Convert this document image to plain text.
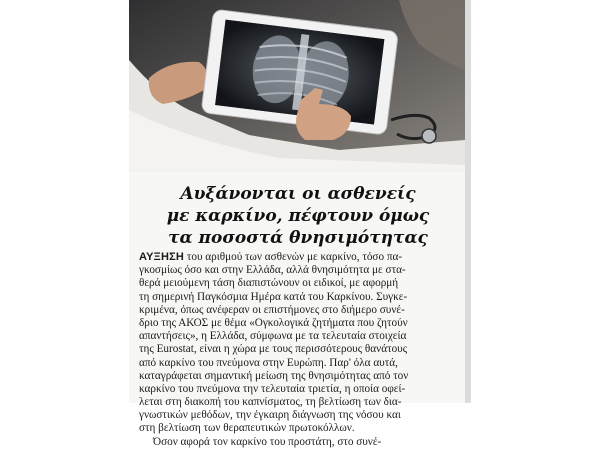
Αυξάνονται οι ασθενείς
με καρκίνο, πέφτουν όμως
τα ποσοστά θνησιμότητας
ΑΥΞΗΣΗ του αριθμού των ασθενών με καρκίνο, τόσο πα-
γκοσμίως όσο και στην Ελλάδα, αλλά θνησιμότητα με στα-
θερά μειούμενη τάση διαπιστώνουν οι ειδικοί, με αφορμή
τη σημερινή Παγκόσμια Ημέρα κατά του Καρκίνου. Συγκε-
κριμένα, όπως ανέφεραν οι επιστήμονες στο διήμερο συνέ-
δριο της ΑΚΟΣ με θέμα «Ογκολογικά ζητήματα που ζητούν
απαντήσεις», η Ελλάδα, σύμφωνα με τα τελευταία στοιχεία
της Eurostat, είναι η χώρα με τους περισσότερους θανάτους
από καρκίνο του πνεύμονα στην Ευρώπη. Παρ' όλα αυτά,
καταγράφεται σημαντική μείωση της θνησιμότητας από τον
καρκίνο του πνεύμονα την τελευταία τριετία, η οποία οφεί-
λεται στη διακοπή του καπνίσματος, τη βελτίωση των δια-
γνωστικών μεθόδων, την έγκαιρη διάγνωση της νόσου και
στη βελτίωση των θεραπευτικών πρωτοκόλλων.
Όσον αφορά τον καρκίνο του προστάτη, στο συνέ-
